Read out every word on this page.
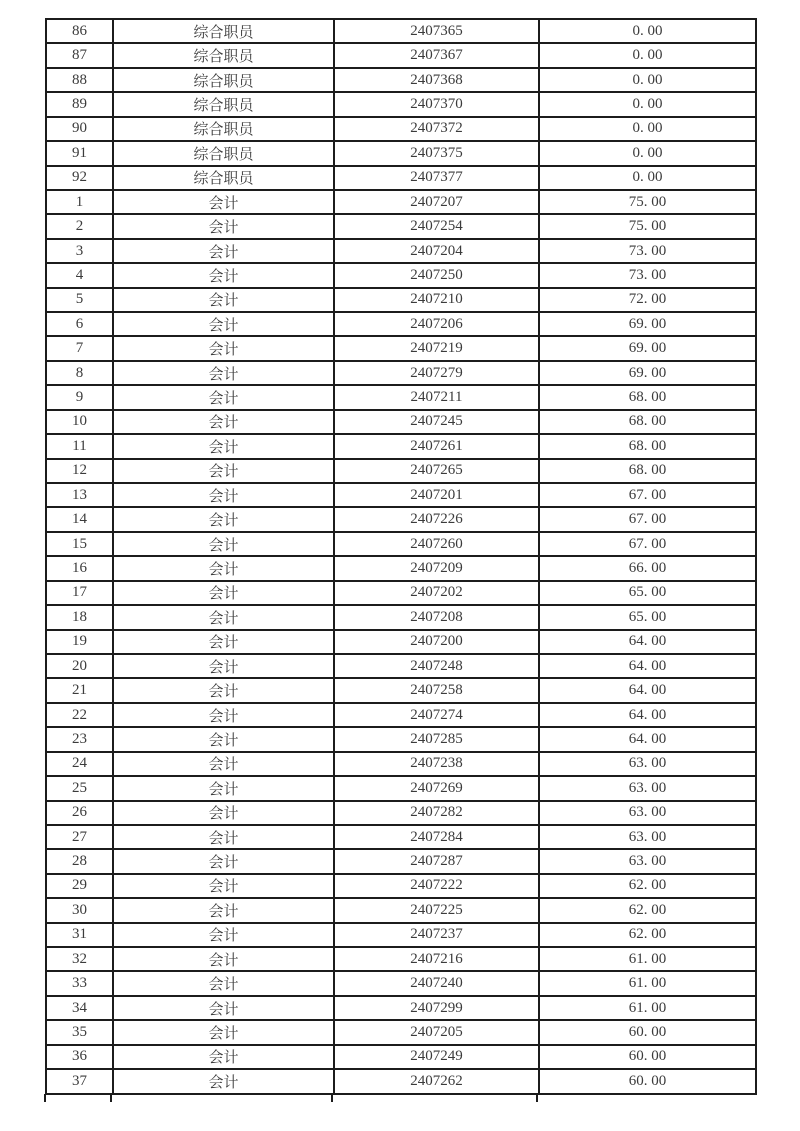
86	综合职员	2407365	0. 00
87	综合职员	2407367	0. 00
88	综合职员	2407368	0. 00
89	综合职员	2407370	0. 00
90	综合职员	2407372	0. 00
91	综合职员	2407375	0. 00
92	综合职员	2407377	0. 00
1	会计	2407207	75. 00
2	会计	2407254	75. 00
3	会计	2407204	73. 00
4	会计	2407250	73. 00
5	会计	2407210	72. 00
6	会计	2407206	69. 00
7	会计	2407219	69. 00
8	会计	2407279	69. 00
9	会计	2407211	68. 00
10	会计	2407245	68. 00
11	会计	2407261	68. 00
12	会计	2407265	68. 00
13	会计	2407201	67. 00
14	会计	2407226	67. 00
15	会计	2407260	67. 00
16	会计	2407209	66. 00
17	会计	2407202	65. 00
18	会计	2407208	65. 00
19	会计	2407200	64. 00
20	会计	2407248	64. 00
21	会计	2407258	64. 00
22	会计	2407274	64. 00
23	会计	2407285	64. 00
24	会计	2407238	63. 00
25	会计	2407269	63. 00
26	会计	2407282	63. 00
27	会计	2407284	63. 00
28	会计	2407287	63. 00
29	会计	2407222	62. 00
30	会计	2407225	62. 00
31	会计	2407237	62. 00
32	会计	2407216	61. 00
33	会计	2407240	61. 00
34	会计	2407299	61. 00
35	会计	2407205	60. 00
36	会计	2407249	60. 00
37	会计	2407262	60. 00
